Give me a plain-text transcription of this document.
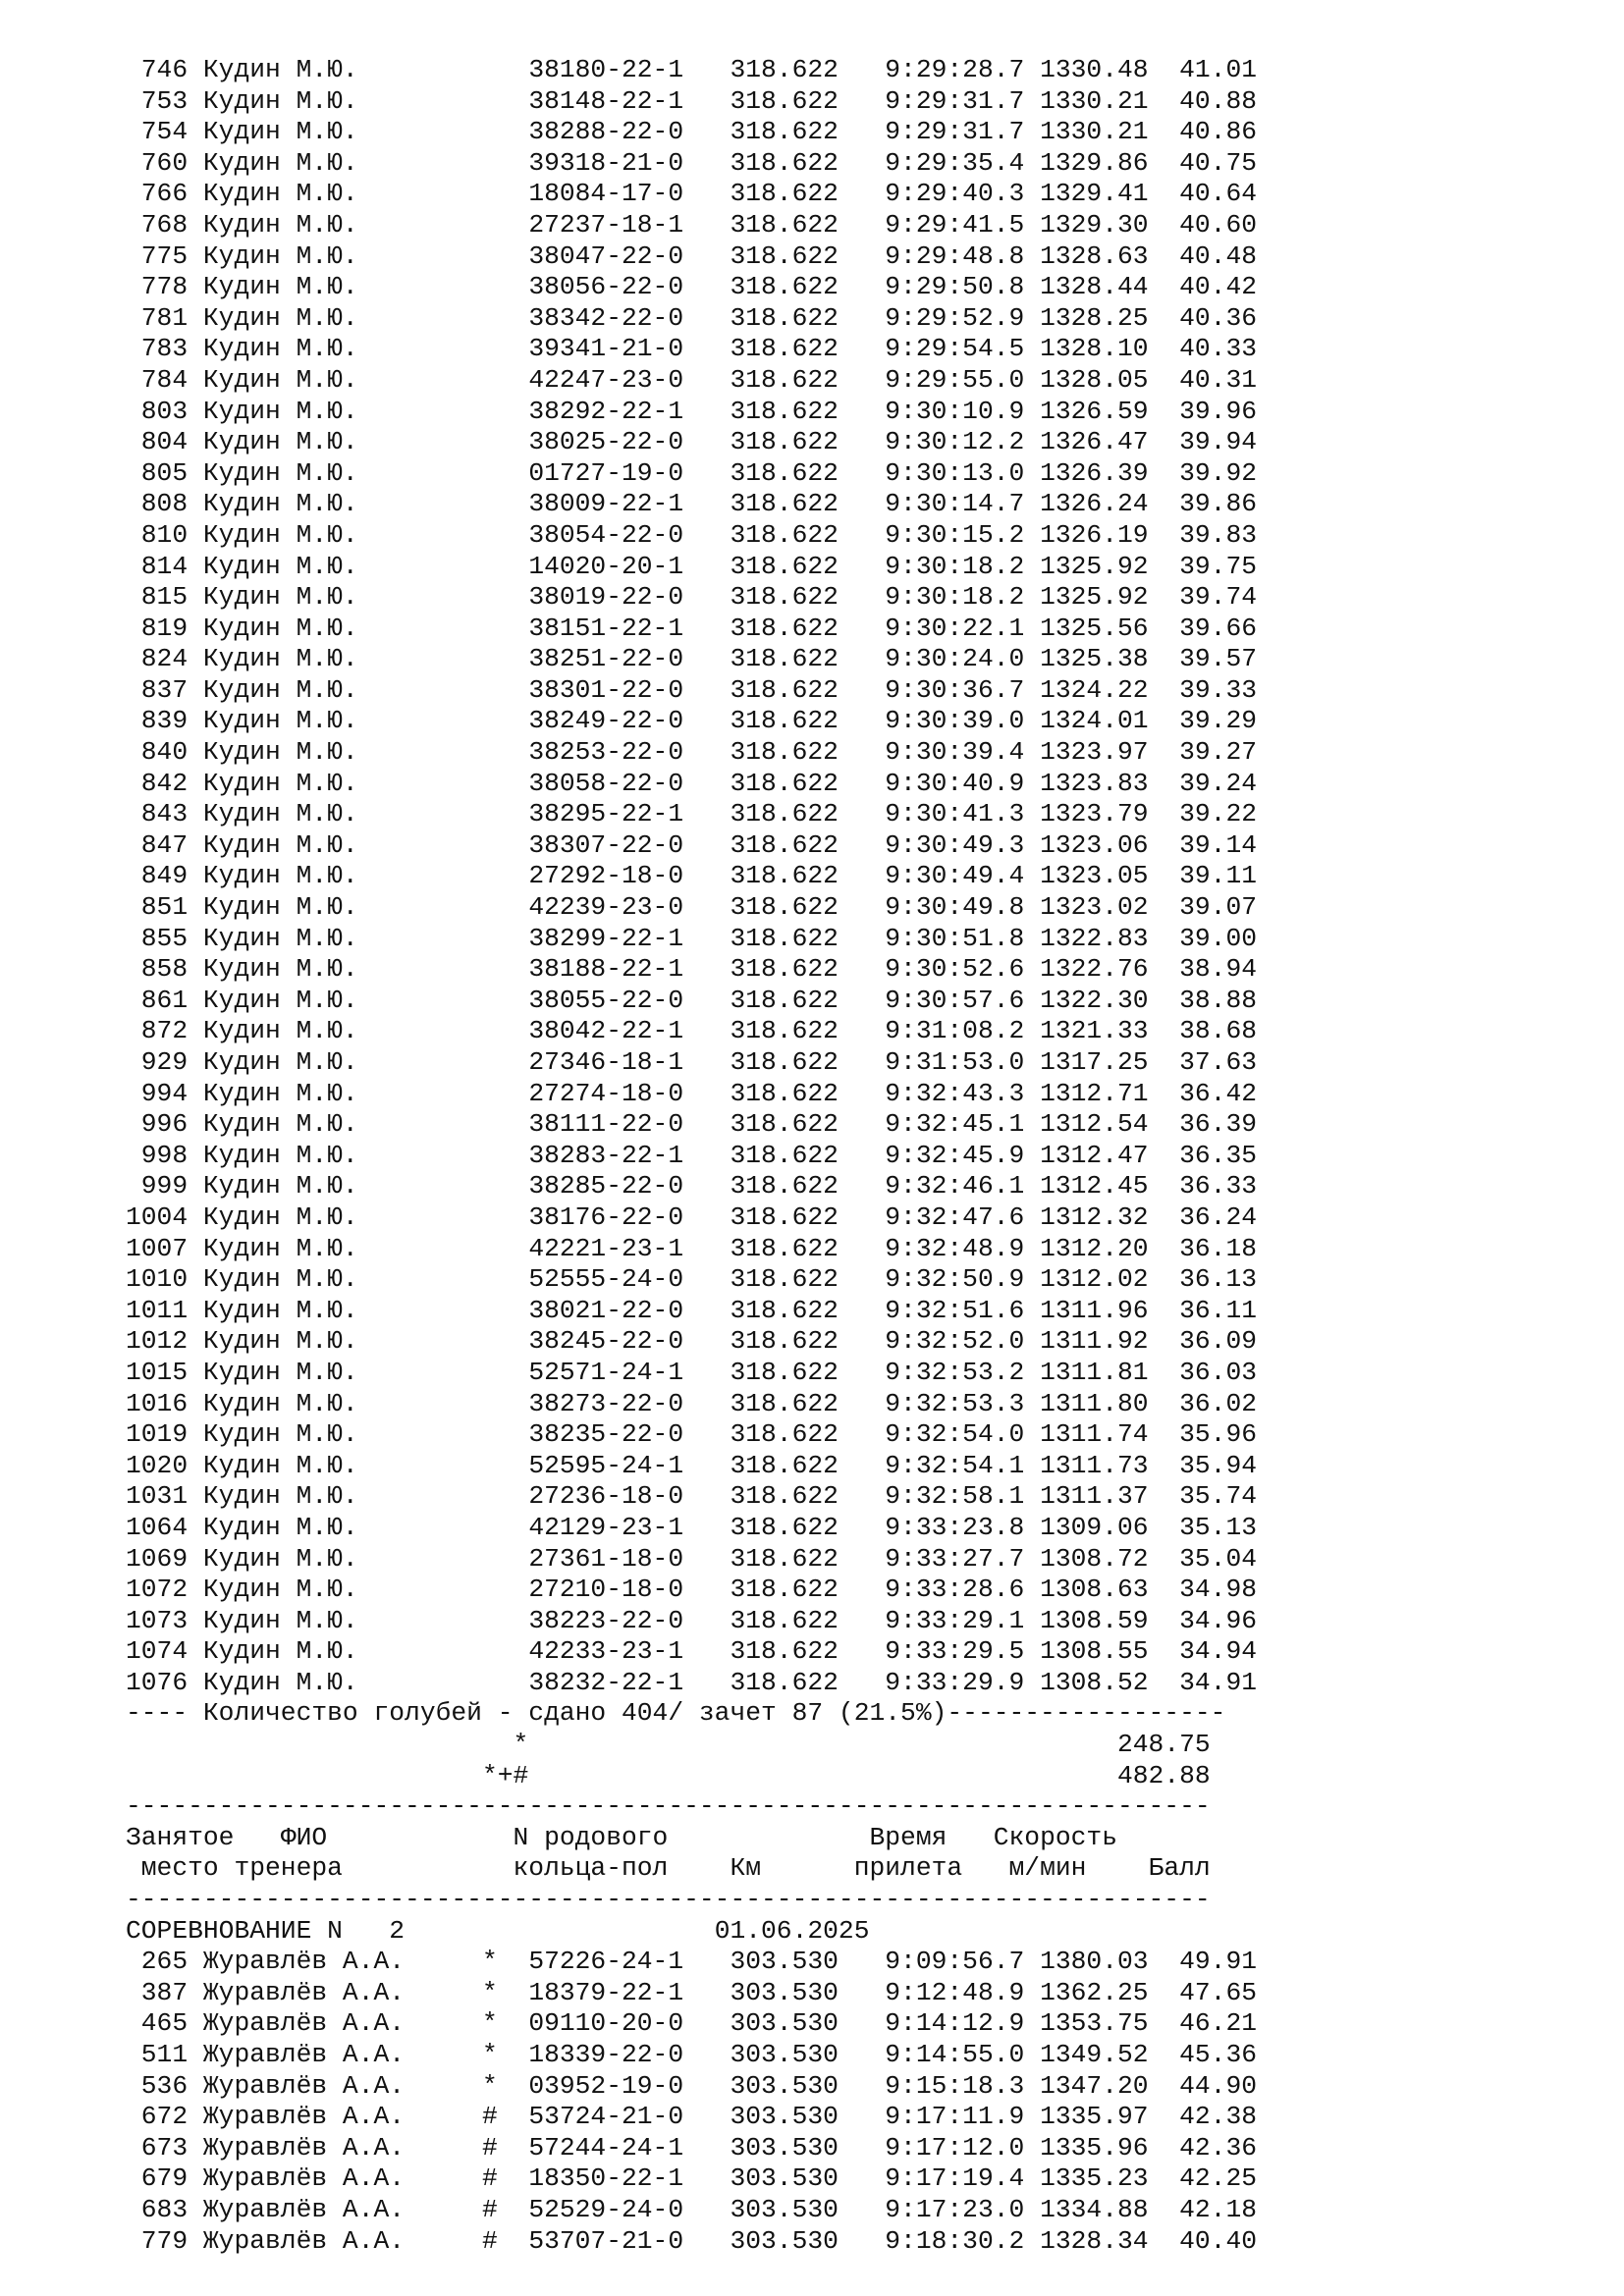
746 Кудин М.Ю.           38180-22-1   318.622   9:29:28.7 1330.48  41.01
753 Кудин М.Ю.           38148-22-1   318.622   9:29:31.7 1330.21  40.88
754 Кудин М.Ю.           38288-22-0   318.622   9:29:31.7 1330.21  40.86
760 Кудин М.Ю.           39318-21-0   318.622   9:29:35.4 1329.86  40.75
766 Кудин М.Ю.           18084-17-0   318.622   9:29:40.3 1329.41  40.64
768 Кудин М.Ю.           27237-18-1   318.622   9:29:41.5 1329.30  40.60
775 Кудин М.Ю.           38047-22-0   318.622   9:29:48.8 1328.63  40.48
778 Кудин М.Ю.           38056-22-0   318.622   9:29:50.8 1328.44  40.42
781 Кудин М.Ю.           38342-22-0   318.622   9:29:52.9 1328.25  40.36
783 Кудин М.Ю.           39341-21-0   318.622   9:29:54.5 1328.10  40.33
784 Кудин М.Ю.           42247-23-0   318.622   9:29:55.0 1328.05  40.31
803 Кудин М.Ю.           38292-22-1   318.622   9:30:10.9 1326.59  39.96
804 Кудин М.Ю.           38025-22-0   318.622   9:30:12.2 1326.47  39.94
805 Кудин М.Ю.           01727-19-0   318.622   9:30:13.0 1326.39  39.92
808 Кудин М.Ю.           38009-22-1   318.622   9:30:14.7 1326.24  39.86
810 Кудин М.Ю.           38054-22-0   318.622   9:30:15.2 1326.19  39.83
814 Кудин М.Ю.           14020-20-1   318.622   9:30:18.2 1325.92  39.75
815 Кудин М.Ю.           38019-22-0   318.622   9:30:18.2 1325.92  39.74
819 Кудин М.Ю.           38151-22-1   318.622   9:30:22.1 1325.56  39.66
824 Кудин М.Ю.           38251-22-0   318.622   9:30:24.0 1325.38  39.57
837 Кудин М.Ю.           38301-22-0   318.622   9:30:36.7 1324.22  39.33
839 Кудин М.Ю.           38249-22-0   318.622   9:30:39.0 1324.01  39.29
840 Кудин М.Ю.           38253-22-0   318.622   9:30:39.4 1323.97  39.27
842 Кудин М.Ю.           38058-22-0   318.622   9:30:40.9 1323.83  39.24
843 Кудин М.Ю.           38295-22-1   318.622   9:30:41.3 1323.79  39.22
847 Кудин М.Ю.           38307-22-0   318.622   9:30:49.3 1323.06  39.14
849 Кудин М.Ю.           27292-18-0   318.622   9:30:49.4 1323.05  39.11
851 Кудин М.Ю.           42239-23-0   318.622   9:30:49.8 1323.02  39.07
855 Кудин М.Ю.           38299-22-1   318.622   9:30:51.8 1322.83  39.00
858 Кудин М.Ю.           38188-22-1   318.622   9:30:52.6 1322.76  38.94
861 Кудин М.Ю.           38055-22-0   318.622   9:30:57.6 1322.30  38.88
872 Кудин М.Ю.           38042-22-1   318.622   9:31:08.2 1321.33  38.68
929 Кудин М.Ю.           27346-18-1   318.622   9:31:53.0 1317.25  37.63
994 Кудин М.Ю.           27274-18-0   318.622   9:32:43.3 1312.71  36.42
996 Кудин М.Ю.           38111-22-0   318.622   9:32:45.1 1312.54  36.39
998 Кудин М.Ю.           38283-22-1   318.622   9:32:45.9 1312.47  36.35
999 Кудин М.Ю.           38285-22-0   318.622   9:32:46.1 1312.45  36.33
1004 Кудин М.Ю.           38176-22-0   318.622   9:32:47.6 1312.32  36.24
1007 Кудин М.Ю.           42221-23-1   318.622   9:32:48.9 1312.20  36.18
1010 Кудин М.Ю.           52555-24-0   318.622   9:32:50.9 1312.02  36.13
1011 Кудин М.Ю.           38021-22-0   318.622   9:32:51.6 1311.96  36.11
1012 Кудин М.Ю.           38245-22-0   318.622   9:32:52.0 1311.92  36.09
1015 Кудин М.Ю.           52571-24-1   318.622   9:32:53.2 1311.81  36.03
1016 Кудин М.Ю.           38273-22-0   318.622   9:32:53.3 1311.80  36.02
1019 Кудин М.Ю.           38235-22-0   318.622   9:32:54.0 1311.74  35.96
1020 Кудин М.Ю.           52595-24-1   318.622   9:32:54.1 1311.73  35.94
1031 Кудин М.Ю.           27236-18-0   318.622   9:32:58.1 1311.37  35.74
1064 Кудин М.Ю.           42129-23-1   318.622   9:33:23.8 1309.06  35.13
1069 Кудин М.Ю.           27361-18-0   318.622   9:33:27.7 1308.72  35.04
1072 Кудин М.Ю.           27210-18-0   318.622   9:33:28.6 1308.63  34.98
1073 Кудин М.Ю.           38223-22-0   318.622   9:33:29.1 1308.59  34.96
1074 Кудин М.Ю.           42233-23-1   318.622   9:33:29.5 1308.55  34.94
1076 Кудин М.Ю.           38232-22-1   318.622   9:33:29.9 1308.52  34.91
---- Количество голубей - сдано 404/ зачет 87 (21.5%)------------------
*	248.75
*+#	482.88
----------------------------------------------------------------------
Занятое ФИО	N родового	Время Скорость
место тренера	кольца-пол Км	прилета м/мин Балл
----------------------------------------------------------------------
СОРЕВНОВАНИЕ N   2	01.06.2025
265 Журавлёв А.А.     *  57226-24-1   303.530   9:09:56.7 1380.03  49.91
387 Журавлёв А.А.     *  18379-22-1   303.530   9:12:48.9 1362.25  47.65
465 Журавлёв А.А.     *  09110-20-0   303.530   9:14:12.9 1353.75  46.21
511 Журавлёв А.А.     *  18339-22-0   303.530   9:14:55.0 1349.52  45.36
536 Журавлёв А.А.     *  03952-19-0   303.530   9:15:18.3 1347.20  44.90
672 Журавлёв А.А.     #  53724-21-0   303.530   9:17:11.9 1335.97  42.38
673 Журавлёв А.А.     #  57244-24-1   303.530   9:17:12.0 1335.96  42.36
679 Журавлёв А.А.     #  18350-22-1   303.530   9:17:19.4 1335.23  42.25
683 Журавлёв А.А.     #  52529-24-0   303.530   9:17:23.0 1334.88  42.18
779 Журавлёв А.А.     #  53707-21-0   303.530   9:18:30.2 1328.34  40.40
